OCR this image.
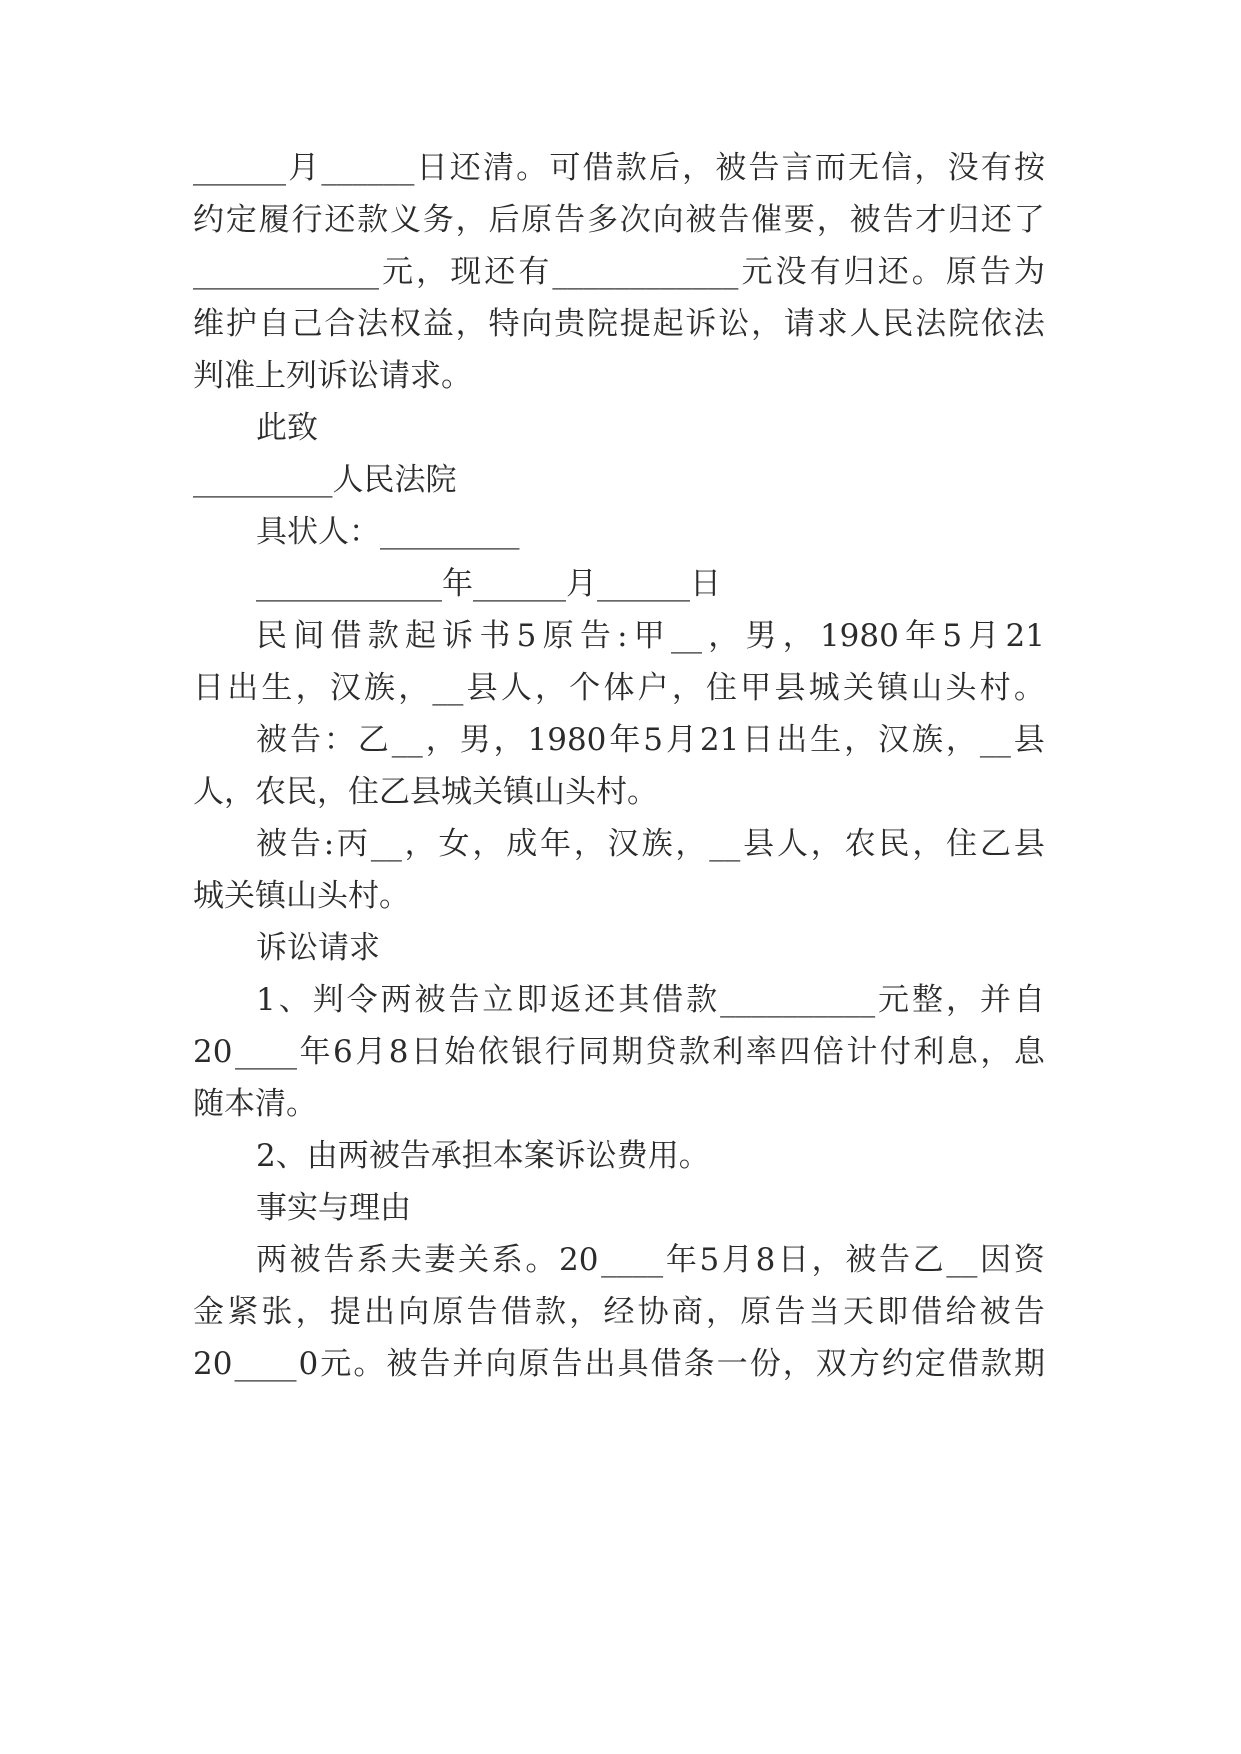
______ 月 ______ 日 还 清 。 可 借 款 后 ， 被 告 言 而 无 信 ， 没 有 按
约 定 履 行 还 款 义 务 ， 后 原 告 多 次 向 被 告 催 要 ， 被 告 才 归 还 了
____________ 元 ， 现 还 有 ____________ 元 没 有 归 还 。 原 告 为
维 护 自 己 合 法 权 益 ， 特 向 贵 院 提 起 诉 讼 ， 请 求 人 民 法 院 依 法
判准上列诉讼请求。
此致
_________人民法院
具状人：_________
____________年______月______日
民 间 借 款 起 诉 书 5 原 告 : 甲 __ ， 男 ， 1980 年 5 月 21
日 出 生 ， 汉 族 ， __ 县 人 ， 个 体 户 ， 住 甲 县 城 关 镇 山 头 村 。
被 告 ： 乙 __ ， 男 ， 1980 年 5 月 21 日 出 生 ， 汉 族 ， __ 县
人，农民，住乙县城关镇山头村。
被 告 : 丙 __ ， 女 ， 成 年 ， 汉 族 ， __ 县 人 ， 农 民 ， 住 乙 县
城关镇山头村。
诉讼请求
1 、 判 令 两 被 告 立 即 返 还 其 借 款 __________ 元 整 ， 并 自
20 ____ 年 6 月 8 日 始 依 银 行 同 期 贷 款 利 率 四 倍 计 付 利 息 ， 息
随本清。
2、由两被告承担本案诉讼费用。
事实与理由
两 被 告 系 夫 妻 关 系 。 20 ____ 年 5 月 8 日 ， 被 告 乙 __ 因 资
金 紧 张 ， 提 出 向 原 告 借 款 ， 经 协 商 ， 原 告 当 天 即 借 给 被 告
20 ____ 0 元 。 被 告 并 向 原 告 出 具 借 条 一 份 ， 双 方 约 定 借 款 期
